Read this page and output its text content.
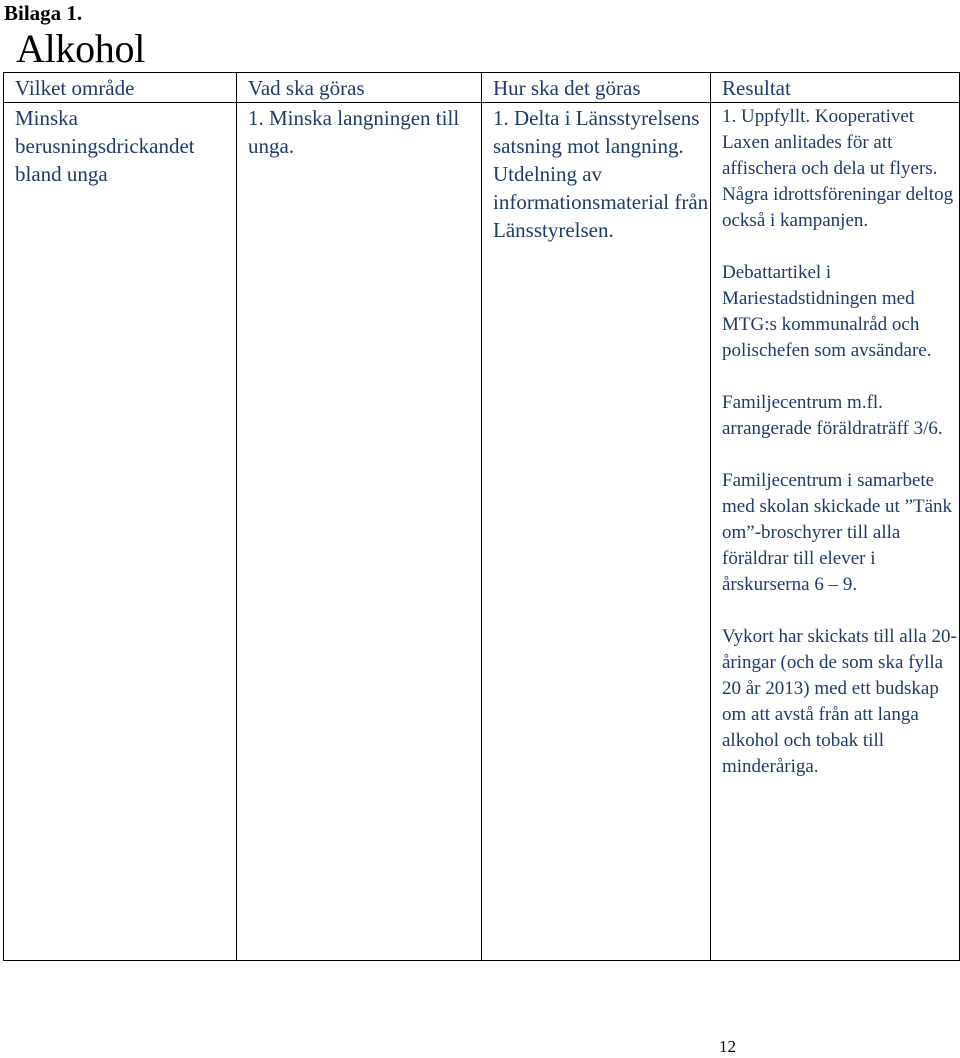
Bilaga 1.
Alkohol
Vilket område	Vad ska göras	Hur ska det göras	Resultat
Minska berusningsdrickandet bland unga	1. Minska langningen till unga.	1. Delta i Länsstyrelsens satsning mot langning. Utdelning av informationsmaterial från Länsstyrelsen.	1. Uppfyllt. Kooperativet Laxen anlitades för att affischera och dela ut flyers. Några idrottsföreningar deltog också i kampanjen.
Debattartikel i Mariestadstidningen med MTG:s kommunalråd och polischefen som avsändare.
Familjecentrum m.fl. arrangerade föräldraträff 3/6.
Familjecentrum i samarbete med skolan skickade ut ”Tänk om”-broschyrer till alla föräldrar till elever i årskurserna 6 – 9.
Vykort har skickats till alla 20-åringar (och de som ska fylla 20 år 2013) med ett budskap om att avstå från att langa alkohol och tobak till minderåriga.
12
